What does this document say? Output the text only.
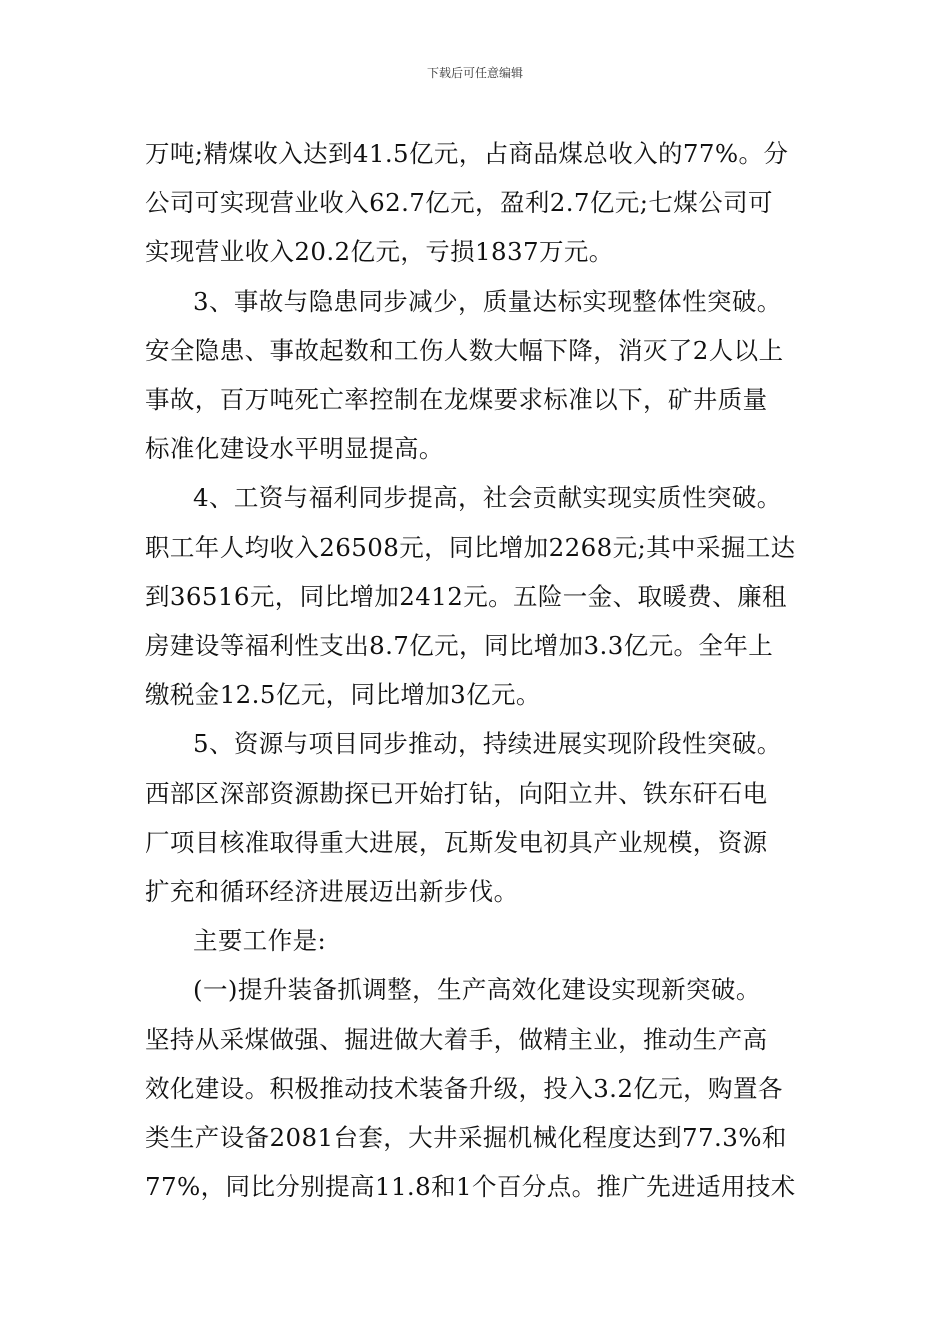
下载后可任意编辑

万吨;精煤收入达到41.5亿元，占商品煤总收入的77%。分

公司可实现营业收入62.7亿元，盈利2.7亿元;七煤公司可

实现营业收入20.2亿元，亏损1837万元。

3、事故与隐患同步减少，质量达标实现整体性突破。

安全隐患、事故起数和工伤人数大幅下降，消灭了2人以上

事故，百万吨死亡率控制在龙煤要求标准以下，矿井质量

标准化建设水平明显提高。

4、工资与福利同步提高，社会贡献实现实质性突破。

职工年人均收入26508元，同比增加2268元;其中采掘工达

到36516元，同比增加2412元。五险一金、取暖费、廉租

房建设等福利性支出8.7亿元，同比增加3.3亿元。全年上

缴税金12.5亿元，同比增加3亿元。

5、资源与项目同步推动，持续进展实现阶段性突破。

西部区深部资源勘探已开始打钻，向阳立井、铁东矸石电

厂项目核准取得重大进展，瓦斯发电初具产业规模，资源

扩充和循环经济进展迈出新步伐。

主要工作是:

(一)提升装备抓调整，生产高效化建设实现新突破。

坚持从采煤做强、掘进做大着手，做精主业，推动生产高

效化建设。积极推动技术装备升级，投入3.2亿元，购置各

类生产设备2081台套，大井采掘机械化程度达到77.3%和

77%，同比分别提高11.8和1个百分点。推广先进适用技术
